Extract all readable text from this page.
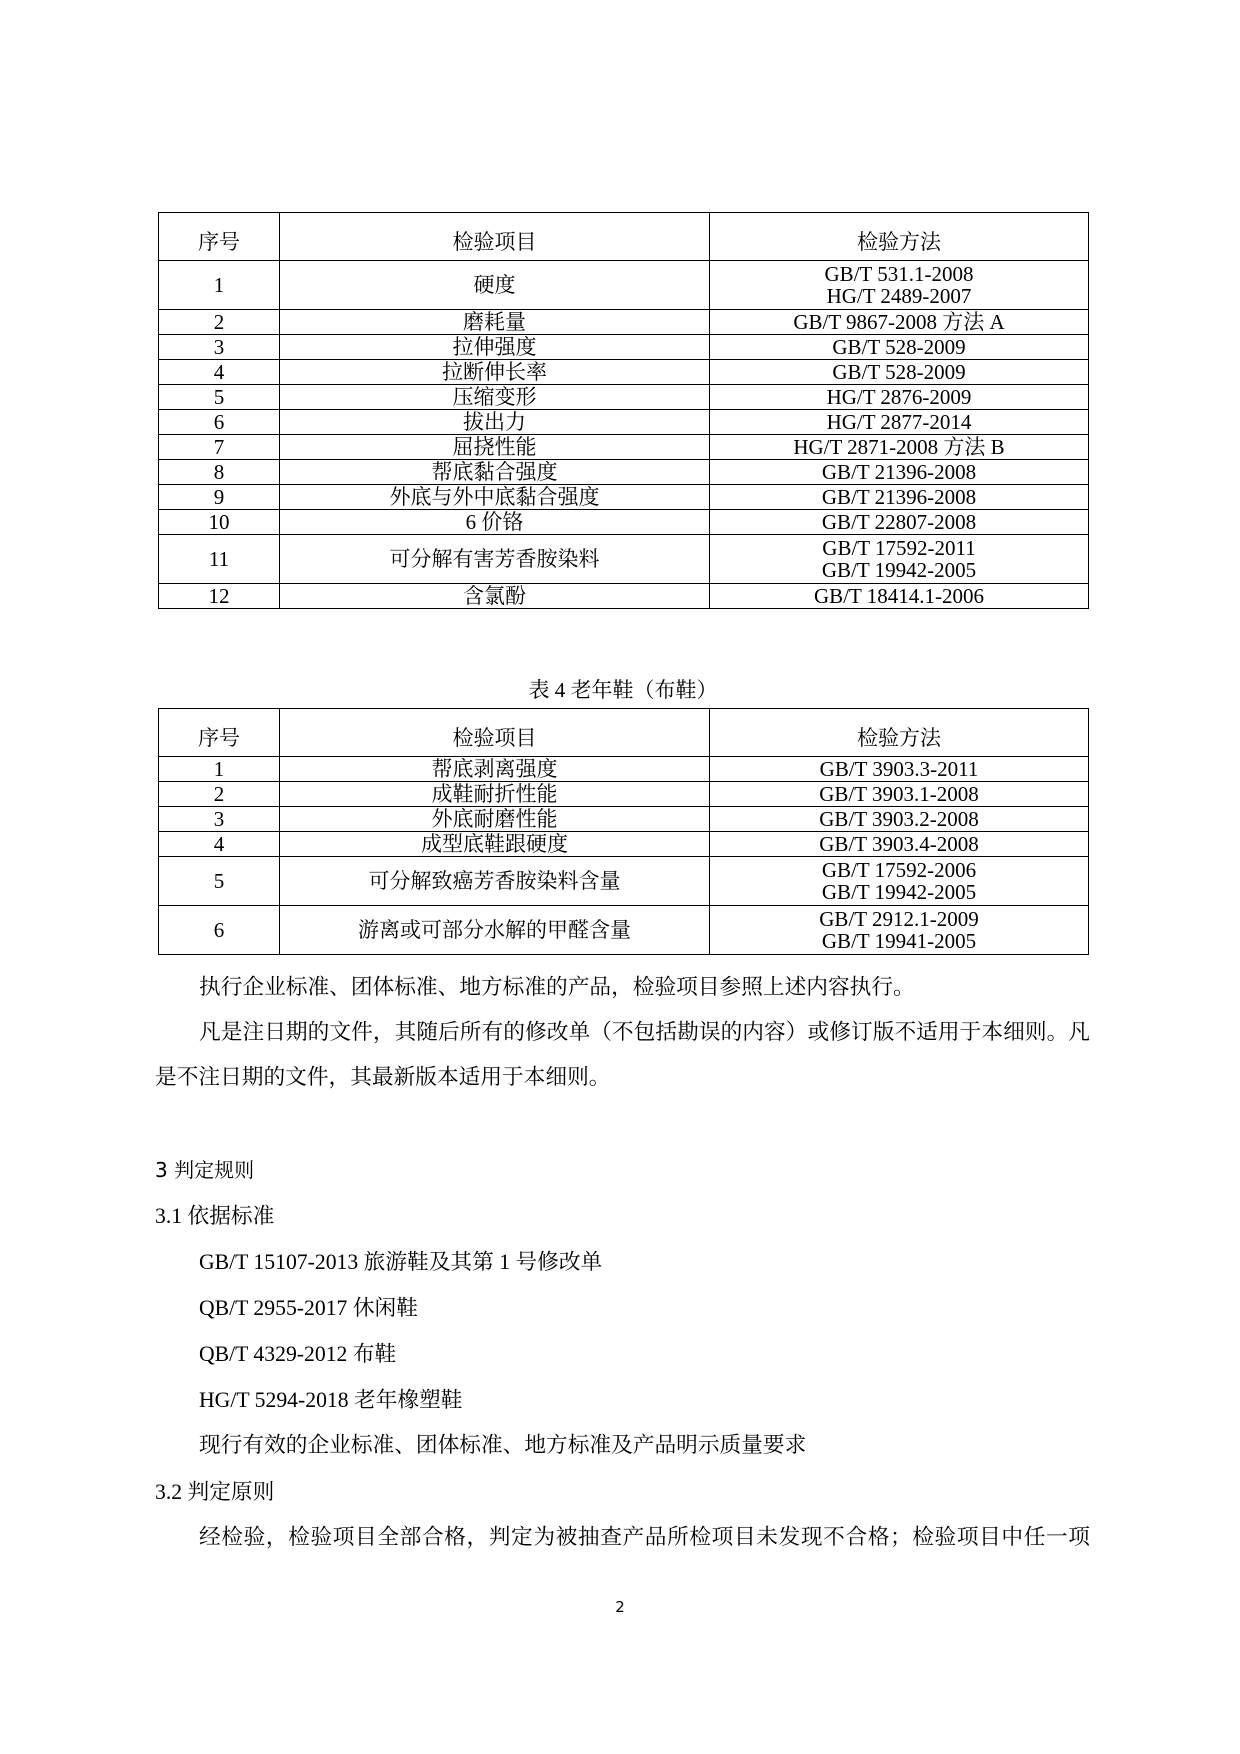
序号	检验项目	检验方法
1	硬度	GB/T 531.1-2008
HG/T 2489-2007

2	磨耗量	GB/T 9867-2008 方法 A

3	拉伸强度	GB/T 528-2009

4	拉断伸长率	GB/T 528-2009

5	压缩变形	HG/T 2876-2009

6	拔出力	HG/T 2877-2014

7	屈挠性能	HG/T 2871-2008 方法 B

8	帮底黏合强度	GB/T 21396-2008

9	外底与外中底黏合强度	GB/T 21396-2008

10	6 价铬	GB/T 22807-2008

11	可分解有害芳香胺染料	GB/T 17592-2011
GB/T 19942-2005

12	含氯酚	GB/T 18414.1-2006
表 4 老年鞋（布鞋）
序号	检验项目	检验方法
1	帮底剥离强度	GB/T 3903.3-2011

2	成鞋耐折性能	GB/T 3903.1-2008

3	外底耐磨性能	GB/T 3903.2-2008

4	成型底鞋跟硬度	GB/T 3903.4-2008

5	可分解致癌芳香胺染料含量	GB/T 17592-2006
GB/T 19942-2005

6	游离或可部分水解的甲醛含量	GB/T 2912.1-2009
GB/T 19941-2005
执行企业标准、团体标准、地方标准的产品，检验项目参照上述内容执行。
凡是注日期的文件，其随后所有的修改单（不包括勘误的内容）或修订版不适用于本细则。凡
是不注日期的文件，其最新版本适用于本细则。
3 判定规则
3.1 依据标准
GB/T 15107-2013 旅游鞋及其第 1 号修改单
QB/T 2955-2017 休闲鞋
QB/T 4329-2012 布鞋
HG/T 5294-2018 老年橡塑鞋
现行有效的企业标准、团体标准、地方标准及产品明示质量要求
3.2 判定原则
经检验，检验项目全部合格，判定为被抽查产品所检项目未发现不合格；检验项目中任一项
2
